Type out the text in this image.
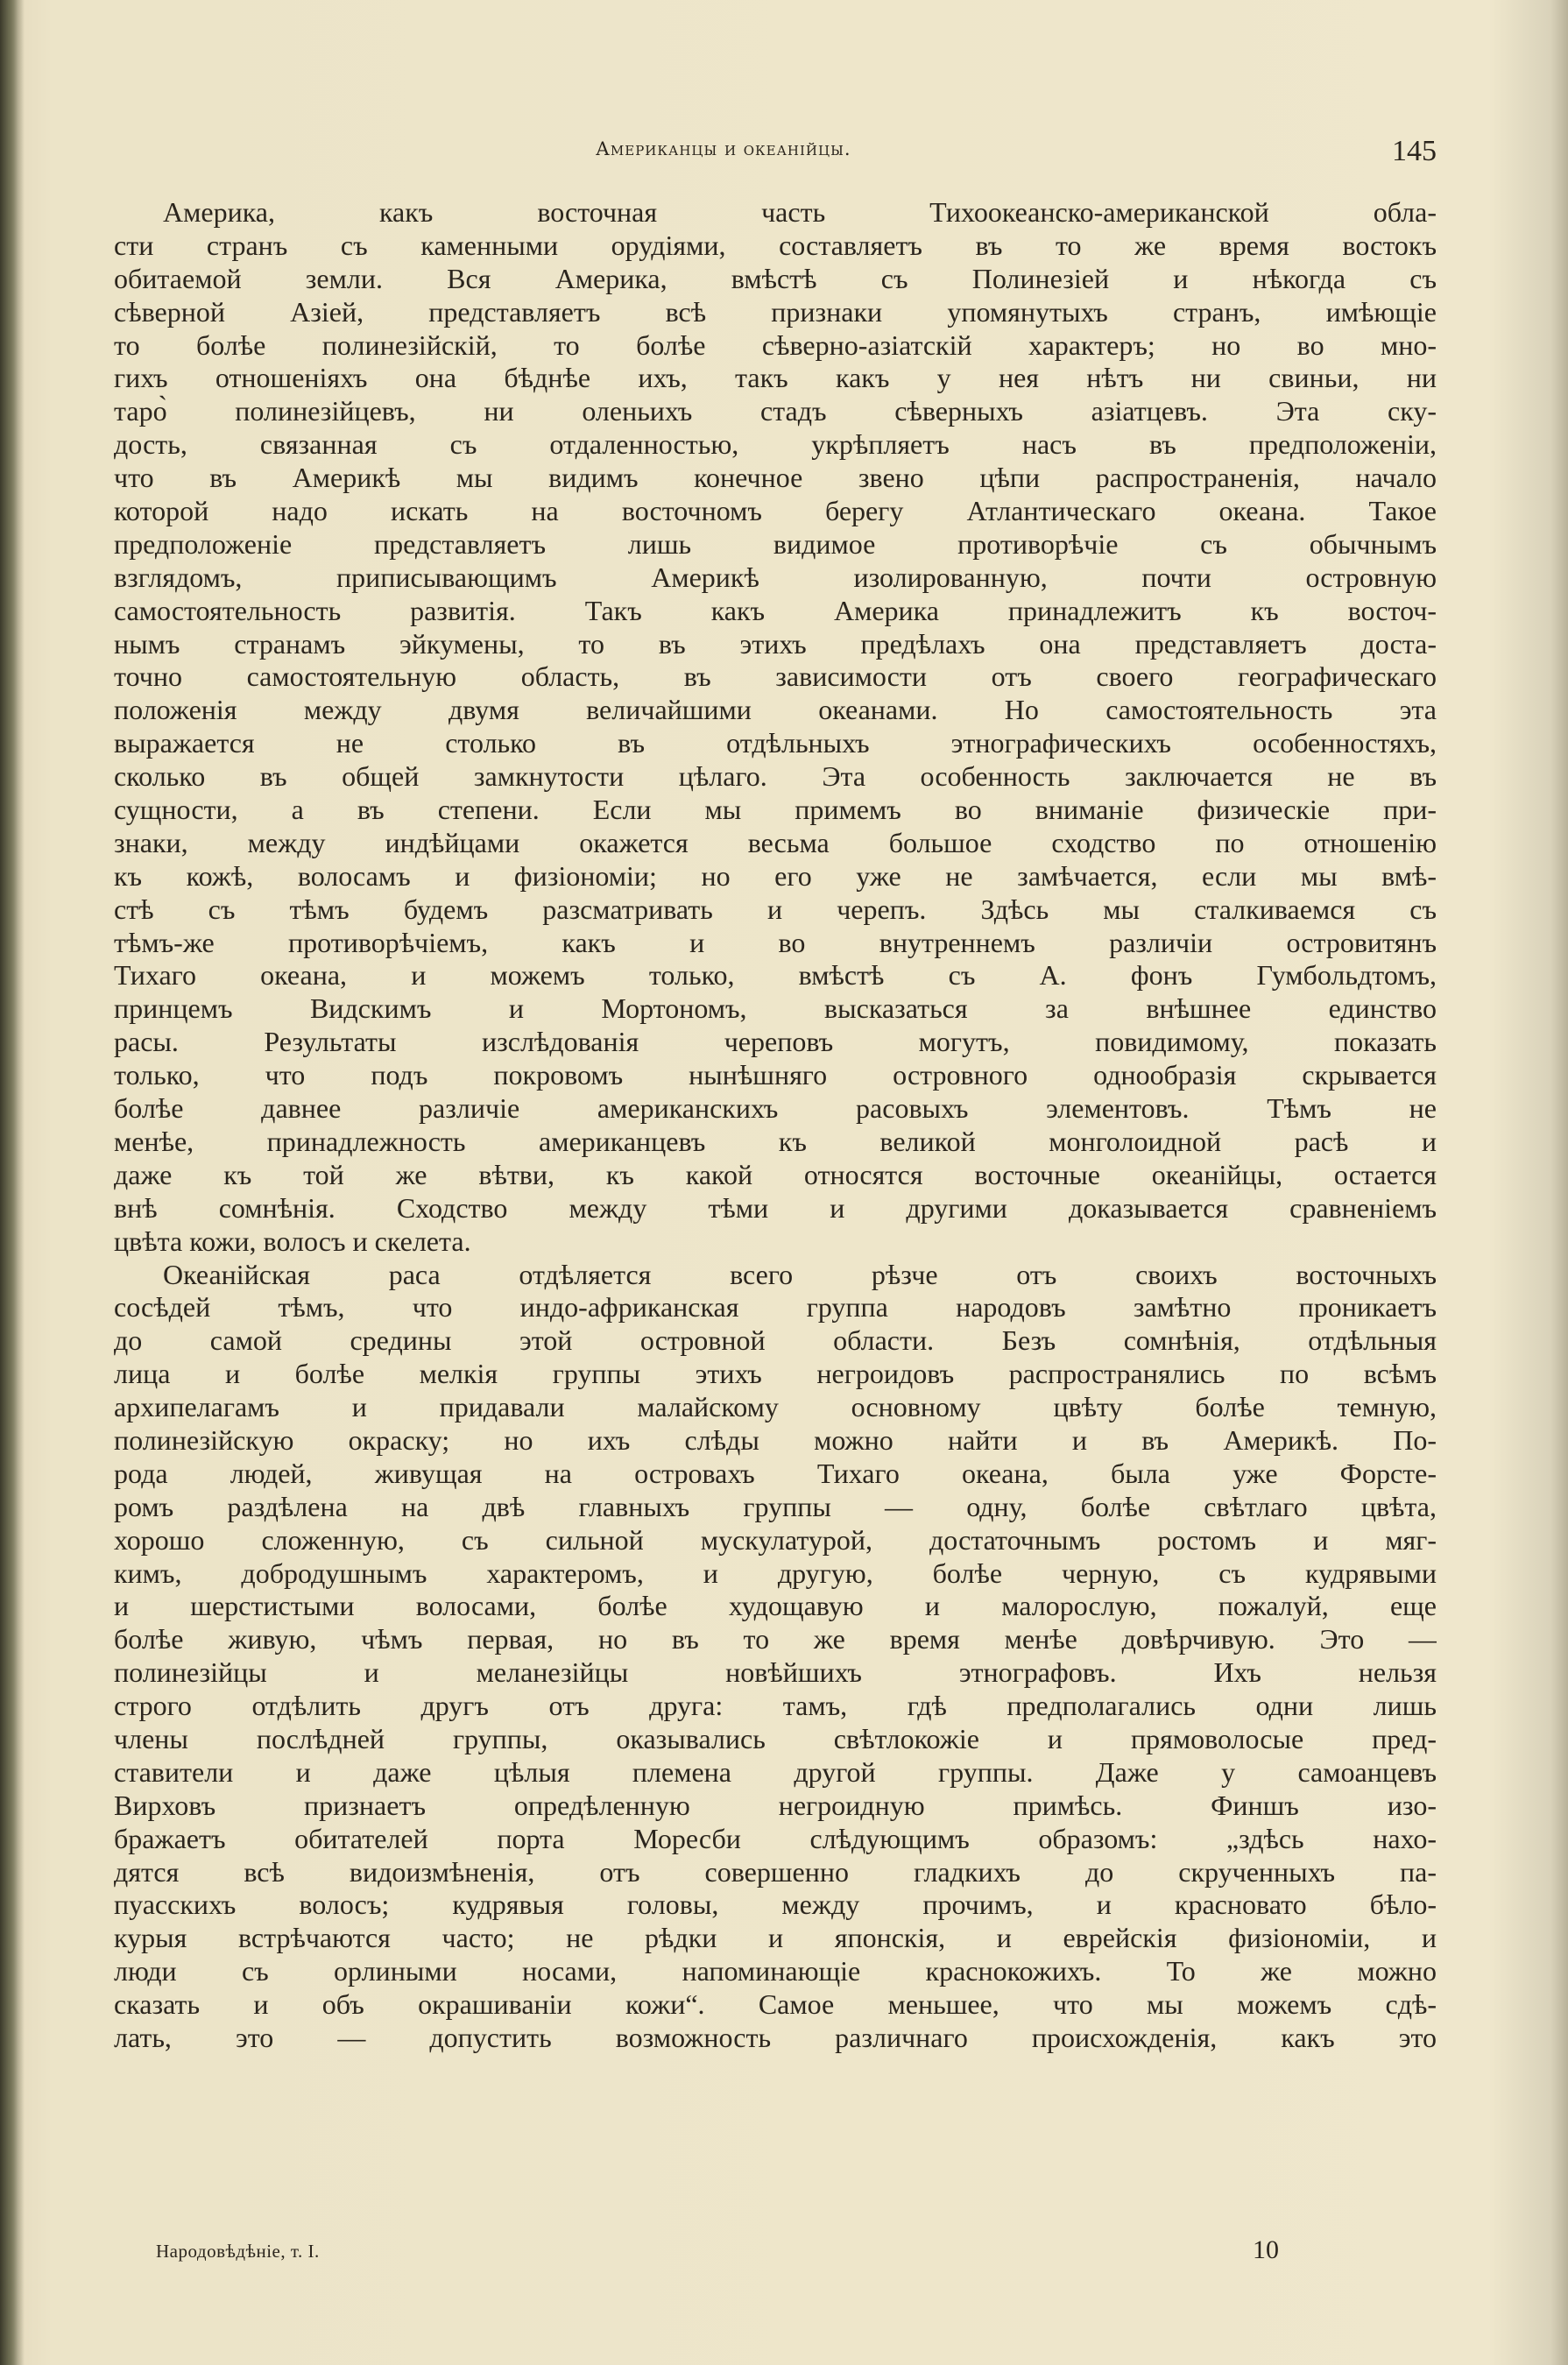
Американцы и океанійцы.	145
Америка, какъ восточная часть Тихоокеанско-американской обла-
сти странъ съ каменными орудіями, составляетъ въ то же время востокъ
обитаемой земли. Вся Америка, вмѣстѣ съ Полинезіей и нѣкогда съ
сѣверной Азіей, представляетъ всѣ признаки упомянутыхъ странъ, имѣющіе
то болѣе полинезійскій, то болѣе сѣверно-азіатскій характеръ; но во мно-
гихъ отношеніяхъ она бѣднѣе ихъ, такъ какъ у нея нѣтъ ни свиньи, ни
таро̀ полинезійцевъ, ни оленьихъ стадъ сѣверныхъ азіатцевъ. Эта ску-
дость, связанная съ отдаленностью, укрѣпляетъ насъ въ предположеніи,
что въ Америкѣ мы видимъ конечное звено цѣпи распространенія, начало
которой надо искать на восточномъ берегу Атлантическаго океана. Такое
предположеніе представляетъ лишь видимое противорѣчіе съ обычнымъ
взглядомъ, приписывающимъ Америкѣ изолированную, почти островную
самостоятельность развитія. Такъ какъ Америка принадлежитъ къ восточ-
нымъ странамъ эйкумены, то въ этихъ предѣлахъ она представляетъ доста-
точно самостоятельную область, въ зависимости отъ своего географическаго
положенія между двумя величайшими океанами. Но самостоятельность эта
выражается не столько въ отдѣльныхъ этнографическихъ особенностяхъ,
сколько въ общей замкнутости цѣлаго. Эта особенность заключается не въ
сущности, а въ степени. Если мы примемъ во вниманіе физическіе при-
знаки, между индѣйцами окажется весьма большое сходство по отношенію
къ кожѣ, волосамъ и физіономіи; но его уже не замѣчается, если мы вмѣ-
стѣ съ тѣмъ будемъ разсматривать и черепъ. Здѣсь мы сталкиваемся съ
тѣмъ-же противорѣчіемъ, какъ и во внутреннемъ различіи островитянъ
Тихаго океана, и можемъ только, вмѣстѣ съ А. фонъ Гумбольдтомъ,
принцемъ Видскимъ и Мортономъ, высказаться за внѣшнее единство
расы. Результаты изслѣдованія череповъ могутъ, повидимому, показать
только, что подъ покровомъ нынѣшняго островного однообразія скрывается
болѣе давнее различіе американскихъ расовыхъ элементовъ. Тѣмъ не
менѣе, принадлежность американцевъ къ великой монголоидной расѣ и
даже къ той же вѣтви, къ какой относятся восточные океанійцы, остается
внѣ сомнѣнія. Сходство между тѣми и другими доказывается сравненіемъ
цвѣта кожи, волосъ и скелета.
Океанійская раса отдѣляется всего рѣзче отъ своихъ восточныхъ
сосѣдей тѣмъ, что индо-африканская группа народовъ замѣтно проникаетъ
до самой средины этой островной области. Безъ сомнѣнія, отдѣльныя
лица и болѣе мелкія группы этихъ негроидовъ распространялись по всѣмъ
архипелагамъ и придавали малайскому основному цвѣту болѣе темную,
полинезійскую окраску; но ихъ слѣды можно найти и въ Америкѣ. По-
рода людей, живущая на островахъ Тихаго океана, была уже Форсте-
ромъ раздѣлена на двѣ главныхъ группы — одну, болѣе свѣтлаго цвѣта,
хорошо сложенную, съ сильной мускулатурой, достаточнымъ ростомъ и мяг-
кимъ, добродушнымъ характеромъ, и другую, болѣе черную, съ кудрявыми
и шерстистыми волосами, болѣе худощавую и малорослую, пожалуй, еще
болѣе живую, чѣмъ первая, но въ то же время менѣе довѣрчивую. Это —
полинезійцы и меланезійцы новѣйшихъ этнографовъ. Ихъ нельзя
строго отдѣлить другъ отъ друга: тамъ, гдѣ предполагались одни лишь
члены послѣдней группы, оказывались свѣтлокожіе и прямоволосые пред-
ставители и даже цѣлыя племена другой группы. Даже у самоанцевъ
Вирховъ признаетъ опредѣленную негроидную примѣсь. Финшъ изо-
бражаетъ обитателей порта Моресби слѣдующимъ образомъ: „здѣсь нахо-
дятся всѣ видоизмѣненія, отъ совершенно гладкихъ до скрученныхъ па-
пуасскихъ волосъ; кудрявыя головы, между прочимъ, и красновато бѣло-
курыя встрѣчаются часто; не рѣдки и японскія, и еврейскія физіономіи, и
люди съ орлиными носами, напоминающіе краснокожихъ. То же можно
сказать и объ окрашиваніи кожи“. Самое меньшее, что мы можемъ сдѣ-
лать, это — допустить возможность различнаго происхожденія, какъ это
Народовѣдѣніе, т. I.	10
